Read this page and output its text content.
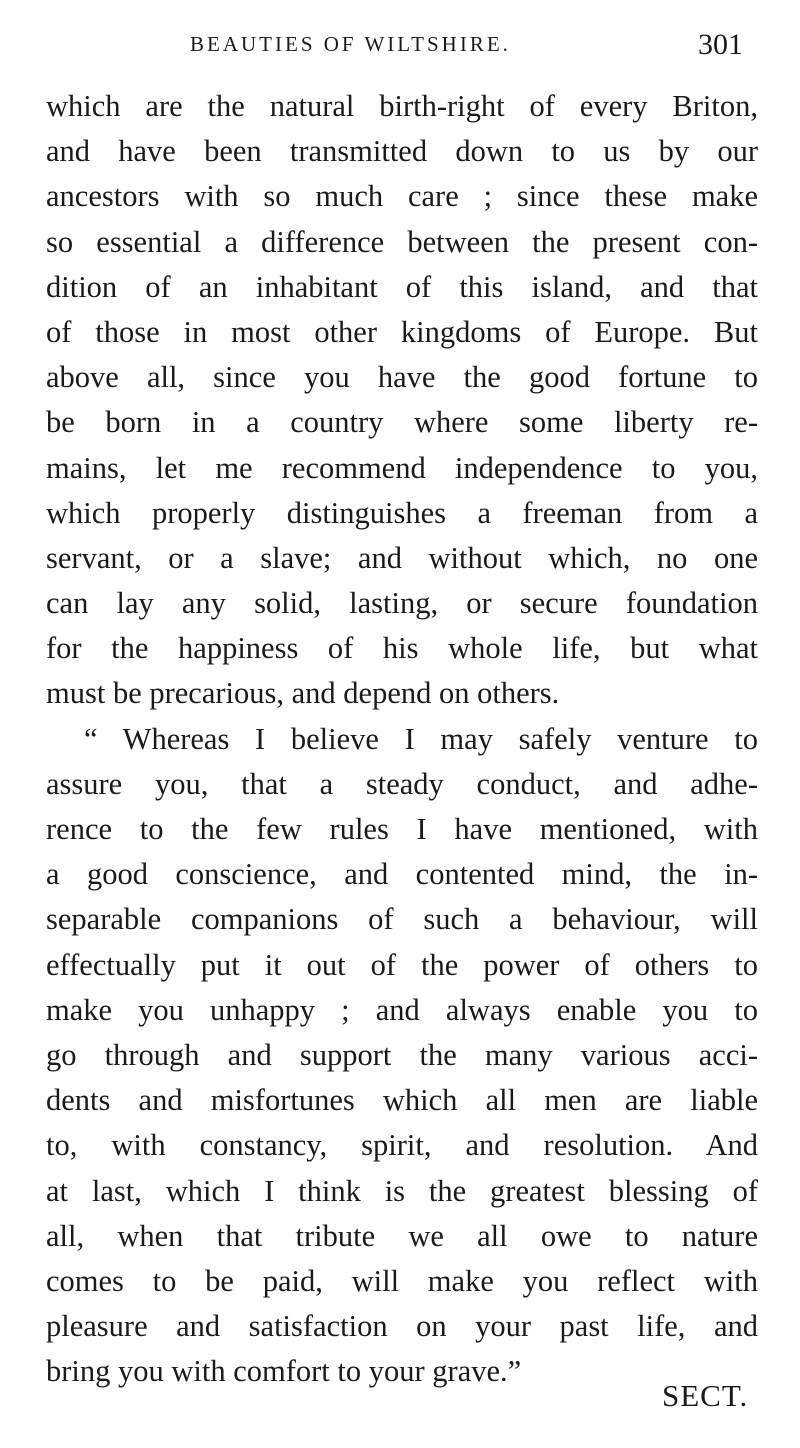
BEAUTIES OF WILTSHIRE.	301
which are the natural birth-right of every Briton,
and have been transmitted down to us by our
ancestors with so much care ; since these make
so essential a difference between the present con-
dition of an inhabitant of this island, and that
of those in most other kingdoms of Europe. But
above all, since you have the good fortune to
be born in a country where some liberty re-
mains, let me recommend independence to you,
which properly distinguishes a freeman from a
servant, or a slave; and without which, no one
can lay any solid, lasting, or secure foundation
for the happiness of his whole life, but what
must be precarious, and depend on others.
“ Whereas I believe I may safely venture to
assure you, that a steady conduct, and adhe-
rence to the few rules I have mentioned, with
a good conscience, and contented mind, the in-
separable companions of such a behaviour, will
effectually put it out of the power of others to
make you unhappy ; and always enable you to
go through and support the many various acci-
dents and misfortunes which all men are liable
to, with constancy, spirit, and resolution. And
at last, which I think is the greatest blessing of
all, when that tribute we all owe to nature
comes to be paid, will make you reflect with
pleasure and satisfaction on your past life, and
bring you with comfort to your grave.”
SECT.
